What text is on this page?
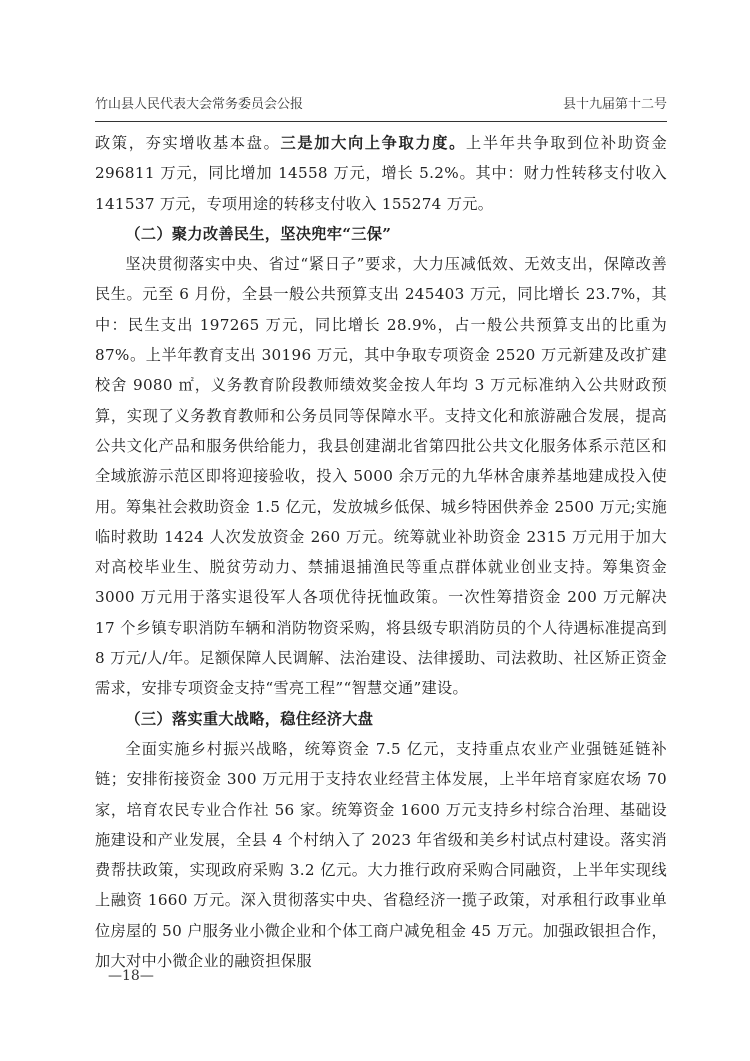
竹山县人民代表大会常务委员会公报	县十九届第十二号

政策，夯实增收基本盘。三是加大向上争取力度。上半年共争取到位补助资金 296811 万元，同比增加 14558 万元，增长 5.2%。其中：财力性转移支付收入 141537 万元，专项用途的转移支付收入 155274 万元。

（二）聚力改善民生，坚决兜牢“三保”

坚决贯彻落实中央、省过“紧日子”要求，大力压减低效、无效支出，保障改善民生。元至 6 月份，全县一般公共预算支出 245403 万元，同比增长 23.7%，其中：民生支出 197265 万元，同比增长 28.9%，占一般公共预算支出的比重为 87%。上半年教育支出 30196 万元，其中争取专项资金 2520 万元新建及改扩建校舍 9080 ㎡，义务教育阶段教师绩效奖金按人年均 3 万元标准纳入公共财政预算，实现了义务教育教师和公务员同等保障水平。支持文化和旅游融合发展，提高公共文化产品和服务供给能力，我县创建湖北省第四批公共文化服务体系示范区和全域旅游示范区即将迎接验收，投入 5000 余万元的九华林舍康养基地建成投入使用。筹集社会救助资金 1.5 亿元，发放城乡低保、城乡特困供养金 2500 万元;实施临时救助 1424 人次发放资金 260 万元。统筹就业补助资金 2315 万元用于加大对高校毕业生、脱贫劳动力、禁捕退捕渔民等重点群体就业创业支持。筹集资金 3000 万元用于落实退役军人各项优待抚恤政策。一次性筹措资金 200 万元解决 17 个乡镇专职消防车辆和消防物资采购，将县级专职消防员的个人待遇标准提高到 8 万元/人/年。足额保障人民调解、法治建设、法律援助、司法救助、社区矫正资金需求，安排专项资金支持“雪亮工程”“智慧交通”建设。

（三）落实重大战略，稳住经济大盘

全面实施乡村振兴战略，统筹资金 7.5 亿元，支持重点农业产业强链延链补链；安排衔接资金 300 万元用于支持农业经营主体发展，上半年培育家庭农场 70 家，培育农民专业合作社 56 家。统筹资金 1600 万元支持乡村综合治理、基础设施建设和产业发展，全县 4 个村纳入了 2023 年省级和美乡村试点村建设。落实消费帮扶政策，实现政府采购 3.2 亿元。大力推行政府采购合同融资，上半年实现线上融资 1660 万元。深入贯彻落实中央、省稳经济一揽子政策，对承租行政事业单位房屋的 50 户服务业小微企业和个体工商户减免租金 45 万元。加强政银担合作，加大对中小微企业的融资担保服

—18—
